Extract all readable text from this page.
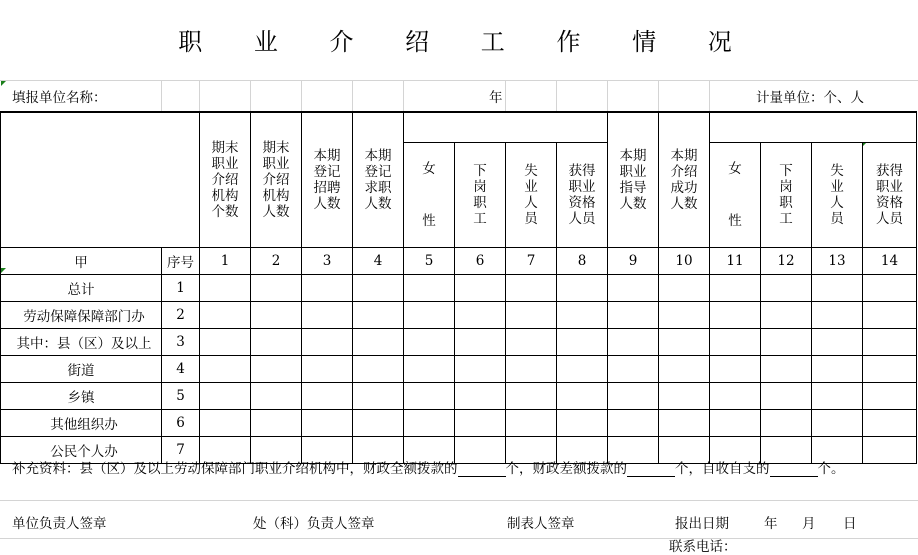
职 业 介 绍 工 作 情 况
填报单位名称：	年	计量单位：个、人
		期末职业介绍机构个数	期末职业介绍机构人数	本期登记招聘人数	本期登记求职人数					本期职业指导人数	本期介绍成功人数				
						女性	下岗职工	失业人员	获得职业资格人员			女性	下岗职工	失业人员	获得职业资格人员
甲	序号	1	2	3	4	5	6	7	8	9	10	11	12	13	14
总计	1														
劳动保障保障部门办	2														
其中：县（区）及以上	3														
街道	4														
乡镇	5														
其他组织办	6														
公民个人办	7														
补充资料：县（区）及以上劳动保障部门职业介绍机构中，财政全额拨款的	个，财政差额拨款的	个，自收自支的	个。
单位负责人签章	处（科）负责人签章	制表人签章	报出日期	年 月 日
联系电话：
